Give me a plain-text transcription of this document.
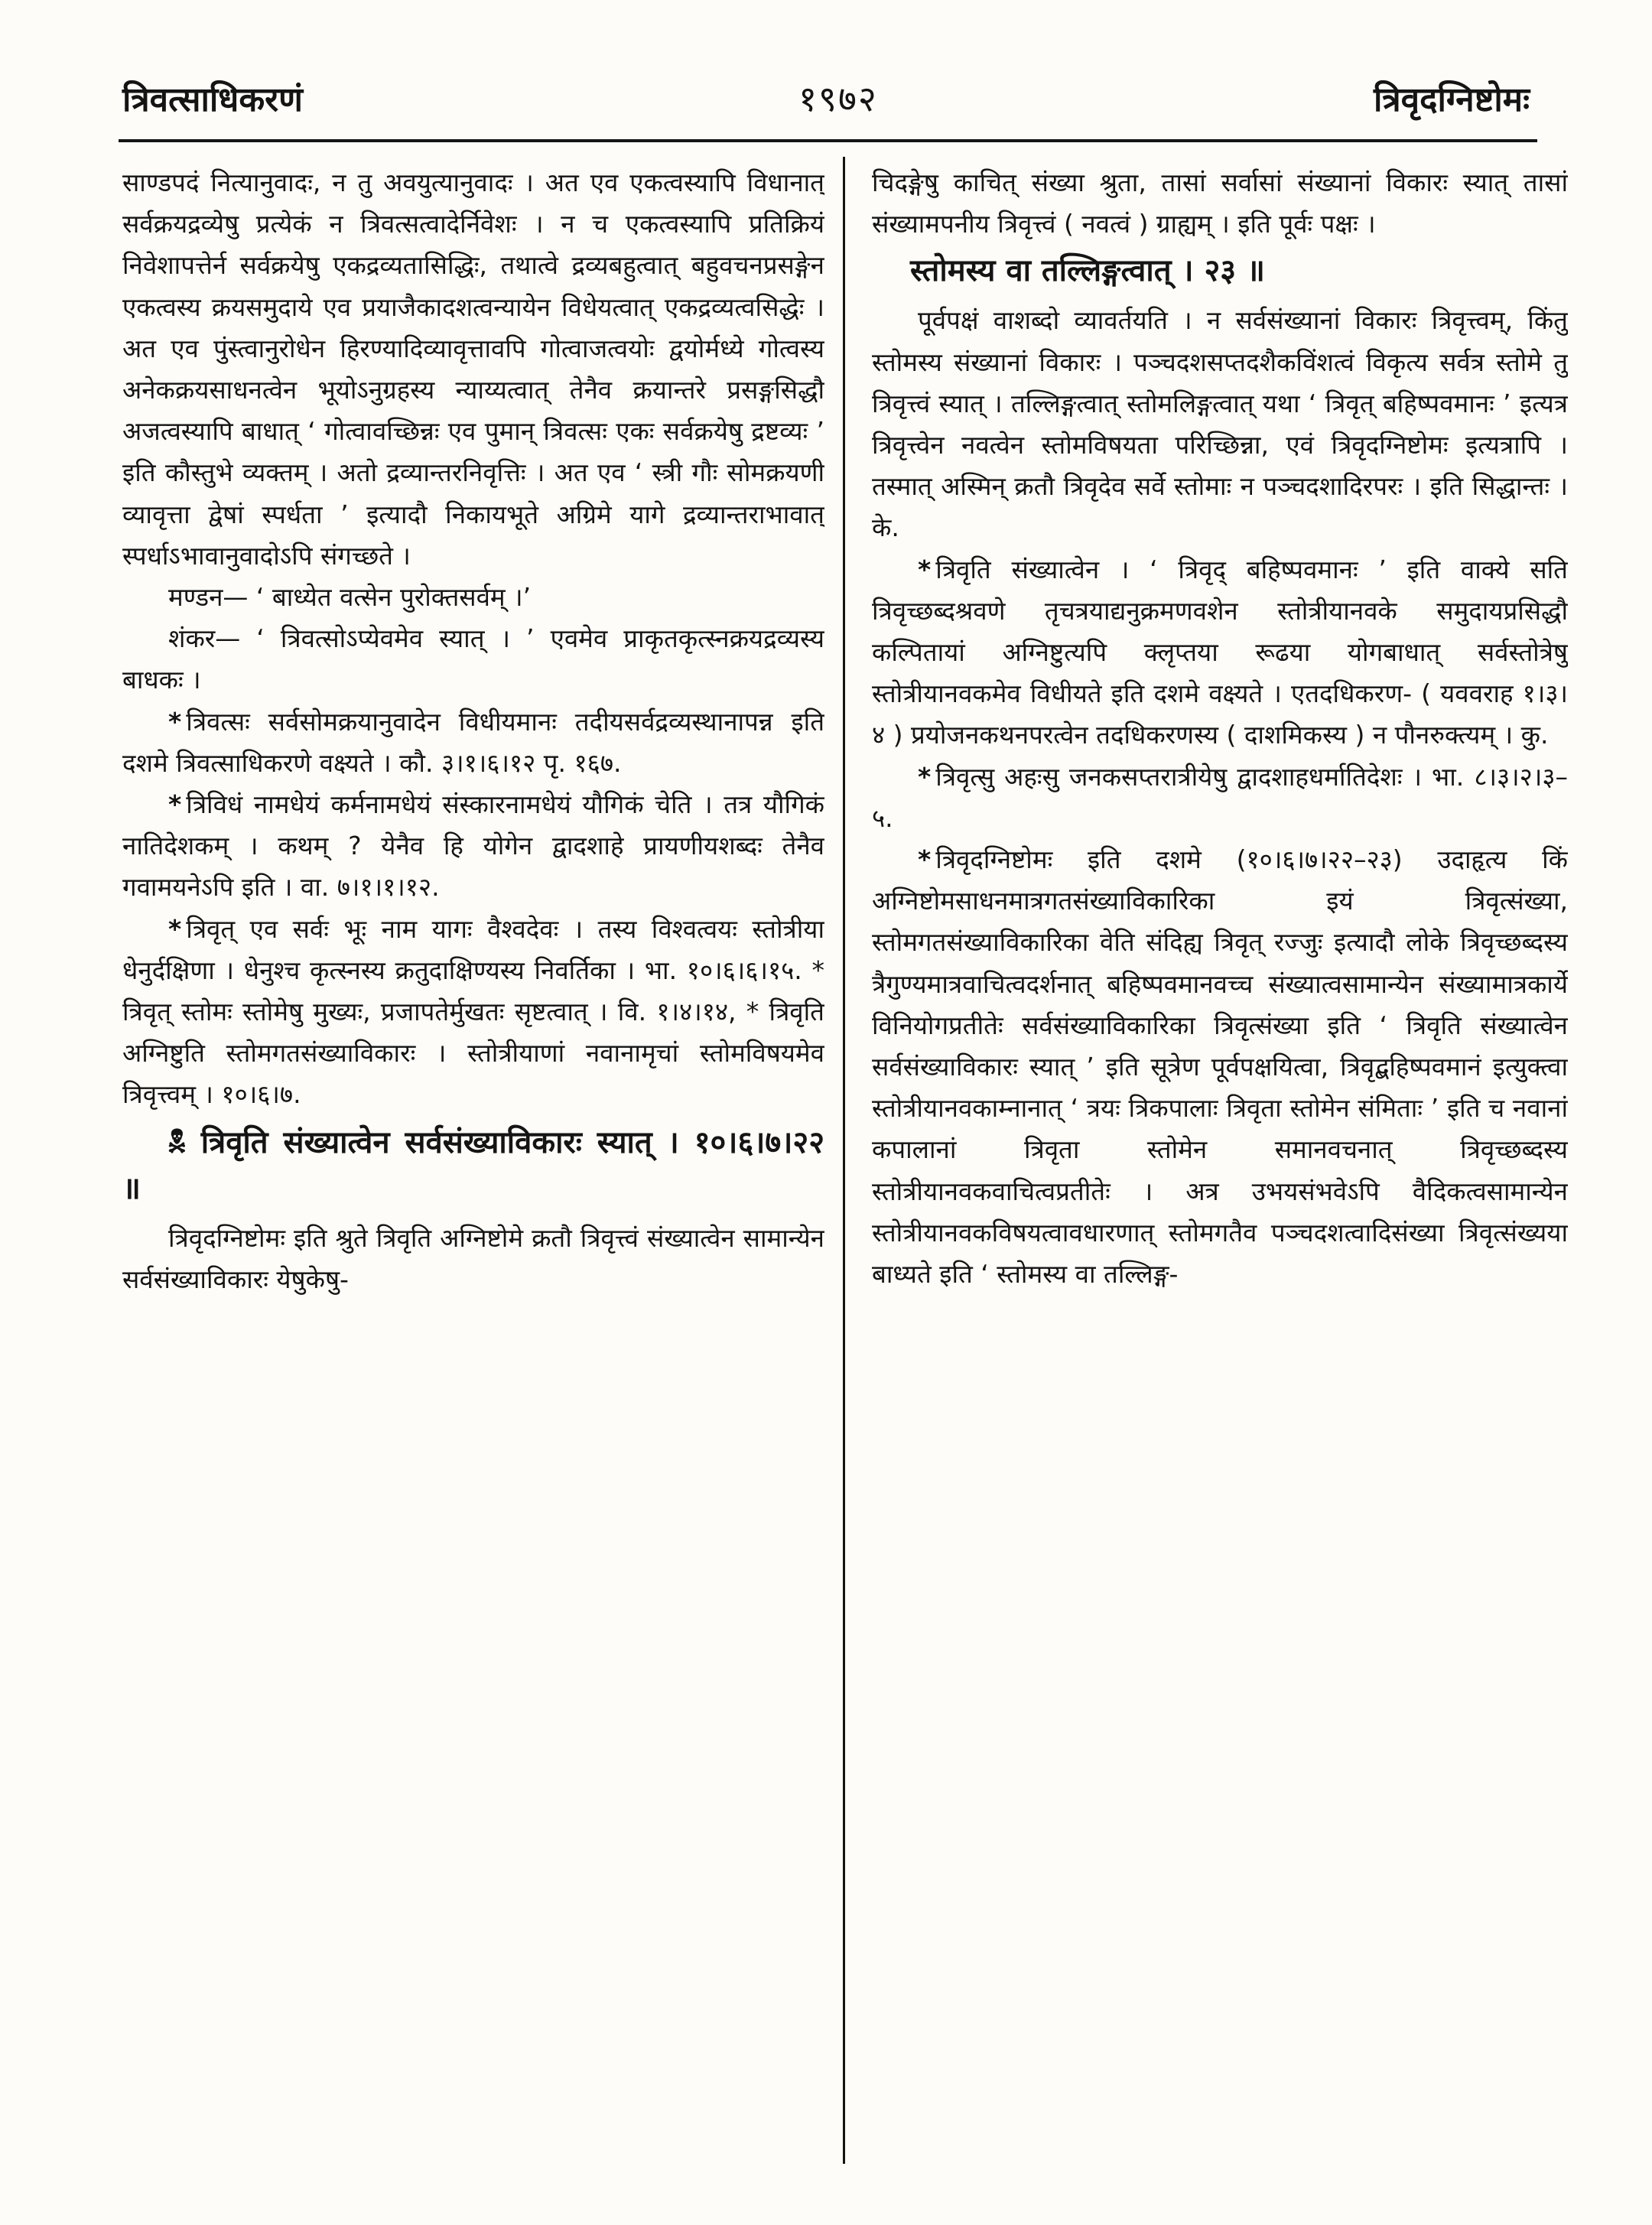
त्रिवत्साधिकरणं	१९७२	त्रिवृदग्निष्टोमः

साण्डपदं नित्यानुवादः, न तु अवयुत्यानुवादः । अत एव एकत्वस्यापि विधानात् सर्वक्रयद्रव्येषु प्रत्येकं न त्रिवत्सत्वादेर्निवेशः । न च एकत्वस्यापि प्रतिक्रियं निवेशापत्तेर्न सर्वक्रयेषु एकद्रव्यतासिद्धिः, तथात्वे द्रव्यबहुत्वात् बहुवचनप्रसङ्गेन एकत्वस्य क्रयसमुदाये एव प्रयाजैकादशत्वन्यायेन विधेयत्वात् एकद्रव्यत्वसिद्धेः । अत एव पुंस्त्वानुरोधेन हिरण्यादिव्यावृत्तावपि गोत्वाजत्वयोः द्वयोर्मध्ये गोत्वस्य अनेकक्रयसाधनत्वेन भूयोऽनुग्रहस्य न्याय्यत्वात् तेनैव क्रयान्तरे प्रसङ्गसिद्धौ अजत्वस्यापि बाधात् ‘ गोत्वावच्छिन्नः एव पुमान् त्रिवत्सः एकः सर्वक्रयेषु द्रष्टव्यः ’ इति कौस्तुभे व्यक्तम् । अतो द्रव्यान्तरनिवृत्तिः । अत एव ‘ स्त्री गौः सोमक्रयणी व्यावृत्ता द्वेषां स्पर्धता ’ इत्यादौ निकायभूते अग्रिमे यागे द्रव्यान्तराभावात् स्पर्धाऽभावानुवादोऽपि संगच्छते ।

मण्डन— ‘ बाध्येत वत्सेन पुरोक्तसर्वम् ।’

शंकर— ‘ त्रिवत्सोऽप्येवमेव स्यात् । ’ एवमेव प्राकृतकृत्स्नक्रयद्रव्यस्य बाधकः ।

* त्रिवत्सः सर्वसोमक्रयानुवादेन विधीयमानः तदीयसर्वद्रव्यस्थानापन्न इति दशमे त्रिवत्साधिकरणे वक्ष्यते । कौ. ३।१।६।१२ पृ. १६७.

* त्रिविधं नामधेयं कर्मनामधेयं संस्कारनामधेयं यौगिकं चेति । तत्र यौगिकं नातिदेशकम् । कथम् ? येनैव हि योगेन द्वादशाहे प्रायणीयशब्दः तेनैव गवामयनेऽपि इति । वा. ७।१।१।१२.

* त्रिवृत् एव सर्वः भूः नाम यागः वैश्वदेवः । तस्य विश्वत्वयः स्तोत्रीया धेनुर्दक्षिणा । धेनुश्च कृत्स्नस्य क्रतुदाक्षिण्यस्य निवर्तिका । भा. १०।६।६।१५. * त्रिवृत् स्तोमः स्तोमेषु मुख्यः, प्रजापतेर्मुखतः सृष्टत्वात् । वि. १।४।१४, * त्रिवृति अग्निष्टुति स्तोमगतसंख्याविकारः । स्तोत्रीयाणां नवानामृचां स्तोमविषयमेव त्रिवृत्त्वम् । १०।६।७.

🕱 त्रिवृति संख्यात्वेन सर्वसंख्याविकारः स्यात् । १०।६।७।२२ ॥

त्रिवृदग्निष्टोमः इति श्रुते त्रिवृति अग्निष्टोमे क्रतौ त्रिवृत्त्वं संख्यात्वेन सामान्येन सर्वसंख्याविकारः येषुकेषु-

चिदङ्गेषु काचित् संख्या श्रुता, तासां सर्वासां संख्यानां विकारः स्यात् तासां संख्यामपनीय त्रिवृत्त्वं ( नवत्वं ) ग्राह्यम् । इति पूर्वः पक्षः ।

स्तोमस्य वा तल्लिङ्गत्वात् । २३ ॥

पूर्वपक्षं वाशब्दो व्यावर्तयति । न सर्वसंख्यानां विकारः त्रिवृत्त्वम्, किंतु स्तोमस्य संख्यानां विकारः । पञ्चदशसप्तदशैकविंशत्वं विकृत्य सर्वत्र स्तोमे तु त्रिवृत्त्वं स्यात् । तल्लिङ्गत्वात् स्तोमलिङ्गत्वात् यथा ‘ त्रिवृत् बहिष्पवमानः ’ इत्यत्र त्रिवृत्त्वेन नवत्वेन स्तोमविषयता परिच्छिन्ना, एवं त्रिवृदग्निष्टोमः इत्यत्रापि । तस्मात् अस्मिन् क्रतौ त्रिवृदेव सर्वे स्तोमाः न पञ्चदशादिरपरः । इति सिद्धान्तः । के.

* त्रिवृति संख्यात्वेन । ‘ त्रिवृद् बहिष्पवमानः ’ इति वाक्ये सति त्रिवृच्छब्दश्रवणे तृचत्रयाद्यनुक्रमणवशेन स्तोत्रीयानवके समुदायप्रसिद्धौ कल्पितायां अग्निष्टुत्यपि क्लृप्तया रूढया योगबाधात् सर्वस्तोत्रेषु स्तोत्रीयानवकमेव विधीयते इति दशमे वक्ष्यते । एतदधिकरण- ( यववराह १।३।४ ) प्रयोजनकथनपरत्वेन तदधिकरणस्य ( दाशमिकस्य ) न पौनरुक्त्यम् । कु.

* त्रिवृत्सु अहःसु जनकसप्तरात्रीयेषु द्वादशाहधर्मातिदेशः । भा. ८।३।२।३–५.

* त्रिवृदग्निष्टोमः इति दशमे (१०।६।७।२२–२३) उदाहृत्य किं अग्निष्टोमसाधनमात्रगतसंख्याविकारिका इयं त्रिवृत्संख्या, स्तोमगतसंख्याविकारिका वेति संदिह्य त्रिवृत् रज्जुः इत्यादौ लोके त्रिवृच्छब्दस्य त्रैगुण्यमात्रवाचित्वदर्शनात् बहिष्पवमानवच्च संख्यात्वसामान्येन संख्यामात्रकार्ये विनियोगप्रतीतेः सर्वसंख्याविकारिका त्रिवृत्संख्या इति ‘ त्रिवृति संख्यात्वेन सर्वसंख्याविकारः स्यात् ’ इति सूत्रेण पूर्वपक्षयित्वा, त्रिवृद्बहिष्पवमानं इत्युक्त्वा स्तोत्रीयानवकाम्नानात् ‘ त्रयः त्रिकपालाः त्रिवृता स्तोमेन संमिताः ’ इति च नवानां कपालानां त्रिवृता स्तोमेन समानवचनात् त्रिवृच्छब्दस्य स्तोत्रीयानवकवाचित्वप्रतीतेः । अत्र उभयसंभवेऽपि वैदिकत्वसामान्येन स्तोत्रीयानवकविषयत्वावधारणात् स्तोमगतैव पञ्चदशत्वादिसंख्या त्रिवृत्संख्यया बाध्यते इति ‘ स्तोमस्य वा तल्लिङ्ग-
